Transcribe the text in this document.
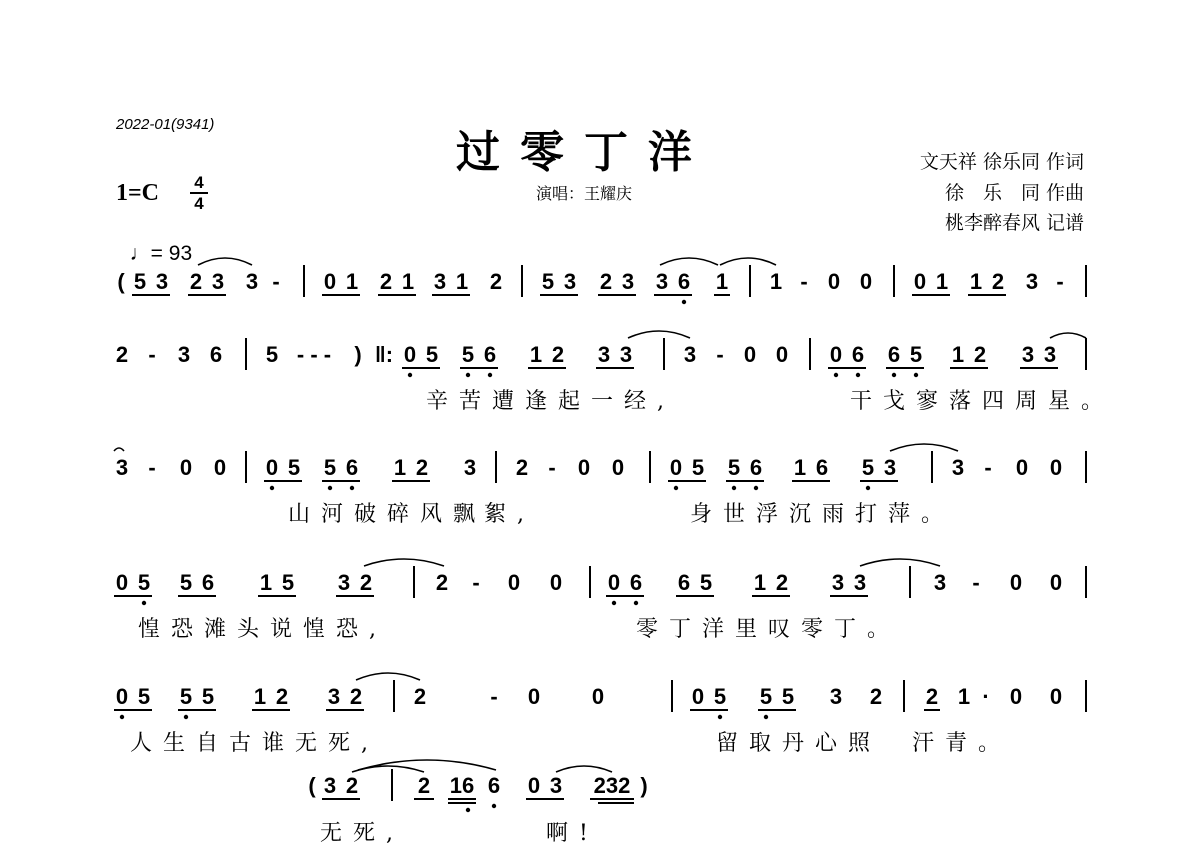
2022-01(9341)
过零丁洋
演唱：王耀庆
文天祥 徐乐同 作词
徐　乐　同 作曲
桃李醉春风 记谱
1=C 4
4

♩= 93

( 5 3 2 3 3 - 0 1 2 1 3 1 2 5 3 2 3 3 6 1 1 - 0 0 0 1 1 2 3 -
2 - 3 6 5 - - - ) ‖: 0 5 5 6 1 2 3 3 3 - 0 0 0 6 6 5 1 2 3 3
3 - 0 0 0 5 5 6 1 2 3 2 - 0 0 0 5 5 6 1 6 5 3	3 - 0 0
0 5 5 6 1 5 3 2	2 - 0 0 0 6 6 5 1 2 3 3	3 - 0 0
0 5 5 5 1 2 3 2 2	- 0 0	0 5 5 5 3 2 2 1 · 0 0
( 3 2	2 16 6 0 3 232 )
辛苦遭逢起一经,	干戈寥落四周星。
山河破碎风飘
絮,	身世浮沉雨打萍。
惶恐滩头说惶恐,	零丁洋里叹零丁。
人生自古谁无死,	留取丹心照 汗青。
无死,	啊!
